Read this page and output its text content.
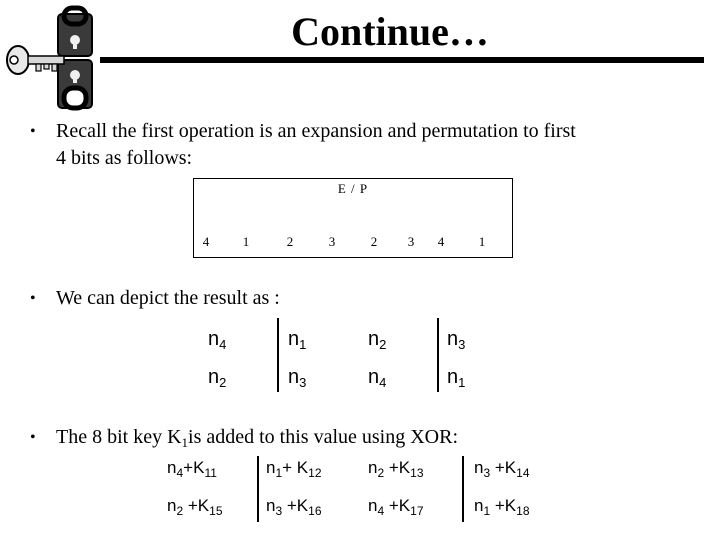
Continue…
• Recall the first operation is an expansion and permutation to first
4 bits as follows:
E / P
4	1	2	3	2	3	4	1
•	We can depict the result as :
$n_4$	$n_1$	$n_2$	$n_3$
$n_2$	$n_3$	$n_4$	$n_1$
•	The 8 bit key $K_1is$ added to this value using XOR:
$n_4+K_{11}$	$n_1+ K_{12}$	$n_2 +K_{13}$	$n_3 +K_{14}$
$n_2 +K_{15}$	$n_3 +K_{16}$	$n_4 +K_{17}$	$n_1 +K_{18}$
